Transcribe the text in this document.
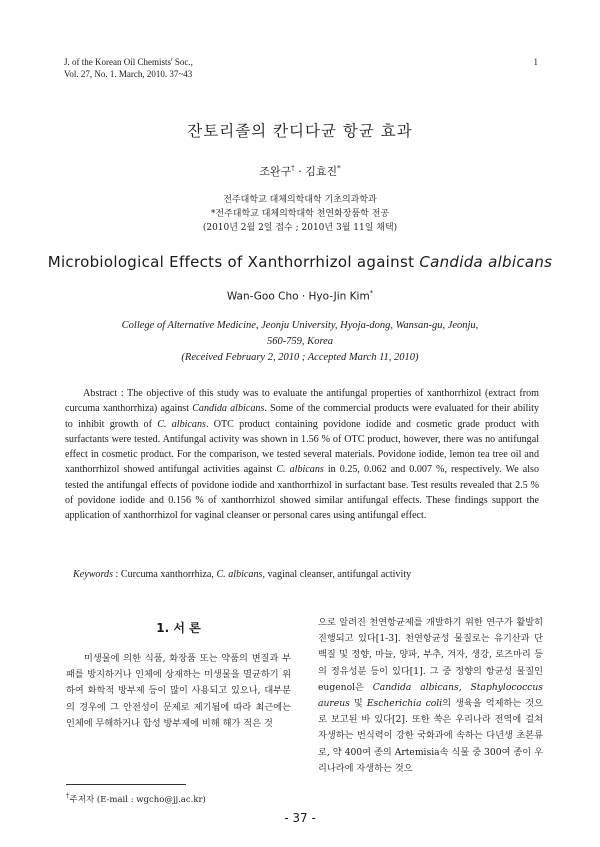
J. of the Korean Oil Chemists' Soc.,
Vol. 27, No. 1. March, 2010. 37~43
1
잔토리졸의 칸디다균 항균 효과
조완구† · 김효진*
전주대학교 대체의학대학 기초의과학과
*전주대학교 대체의학대학 천연화장품학 전공
(2010년 2월 2일 접수 ; 2010년 3월 11일 채택)
Microbiological Effects of Xanthorrhizol against Candida albicans
Wan-Goo Cho · Hyo-Jin Kim*
College of Alternative Medicine, Jeonju University, Hyoja-dong, Wansan-gu, Jeonju,
560-759, Korea
(Received February 2, 2010 ; Accepted March 11, 2010)
Abstract : The objective of this study was to evaluate the antifungal properties of xanthorrhizol (extract from curcuma xanthorrhiza) against Candida albicans. Some of the commercial products were evaluated for their ability to inhibit growth of C. albicans. OTC product containing povidone iodide and cosmetic grade product with surfactants were tested. Antifungal activity was shown in 1.56 % of OTC product, however, there was no antifungal effect in cosmetic product. For the comparison, we tested several materials. Povidone iodide, lemon tea tree oil and xanthorrhizol showed antifungal activities against C. albicans in 0.25, 0.062 and 0.007 %, respectively. We also tested the antifungal effects of povidone iodide and xanthorrhizol in surfactant base. Test results revealed that 2.5 % of povidone iodide and 0.156 % of xanthorrhizol showed similar antifungal effects. These findings support the application of xanthorrhizol for vaginal cleanser or personal cares using antifungal effect.
Keywords : Curcuma xanthorrhiza, C. albicans, vaginal cleanser, antifungal activity
1. 서 론

미생물에 의한 식품, 화장품 또는 약품의 변질과 부패를 방지하거나 인체에 상재하는 미생물을 멸균하기 위하여 화학적 방부제 등이 많이 사용되고 있으나, 대부분의 경우에 그 안전성이 문제로 제기됨에 따라 최근에는 인체에 무해하거나 합성 방부제에 비해 해가 적은 것

으로 알려진 천연항균제를 개발하기 위한 연구가 활발히 진행되고 있다[1-3]. 천연항균성 물질로는 유기산과 단백질 및 정향, 마늘, 양파, 부추, 겨자, 생강, 로즈마리 등의 정유성분 등이 있다[1]. 그 중 정향의 항균성 물질인 eugenol은 Candida albicans, Staphylococcus aureus 및 Escherichia coli의 생육을 억제하는 것으로 보고된 바 있다[2]. 또한 쑥은 우리나라 전역에 걸쳐 자생하는 번식력이 강한 국화과에 속하는 다년생 초본류로, 약 400여 종의 Artemisia속 식물 중 300여 종이 우리나라에 자생하는 것으

†주저자 (E-mail : wgcho@jj.ac.kr)
- 37 -
